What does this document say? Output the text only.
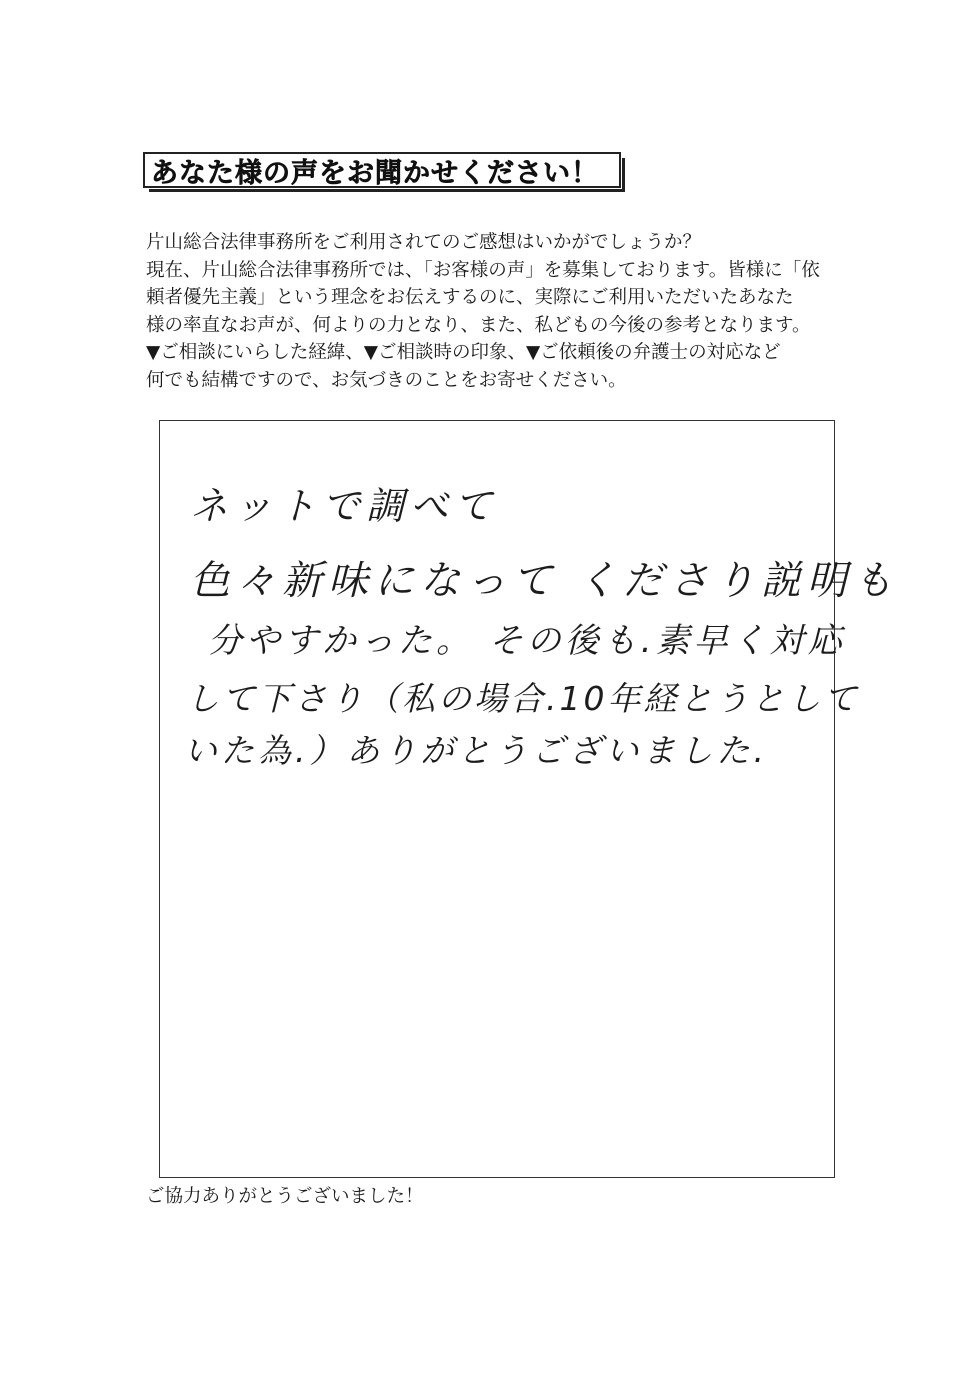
あなた様の声をお聞かせください！
片山総合法律事務所をご利用されてのご感想はいかがでしょうか？
現在、片山総合法律事務所では、「お客様の声」を募集しております。皆様に「依
頼者優先主義」という理念をお伝えするのに、実際にご利用いただいたあなた
様の率直なお声が、何よりの力となり、また、私どもの今後の参考となります。
▼ご相談にいらした経緯、▼ご相談時の印象、▼ご依頼後の弁護士の対応など
何でも結構ですので、お気づきのことをお寄せください。
ネットで調べて
色々新味になって くださり説明も
分やすかった。 その後も.素早く対応
して下さり（私の場合.10年経とうとして
いた為.）ありがとうございました.
ご協力ありがとうございました！
